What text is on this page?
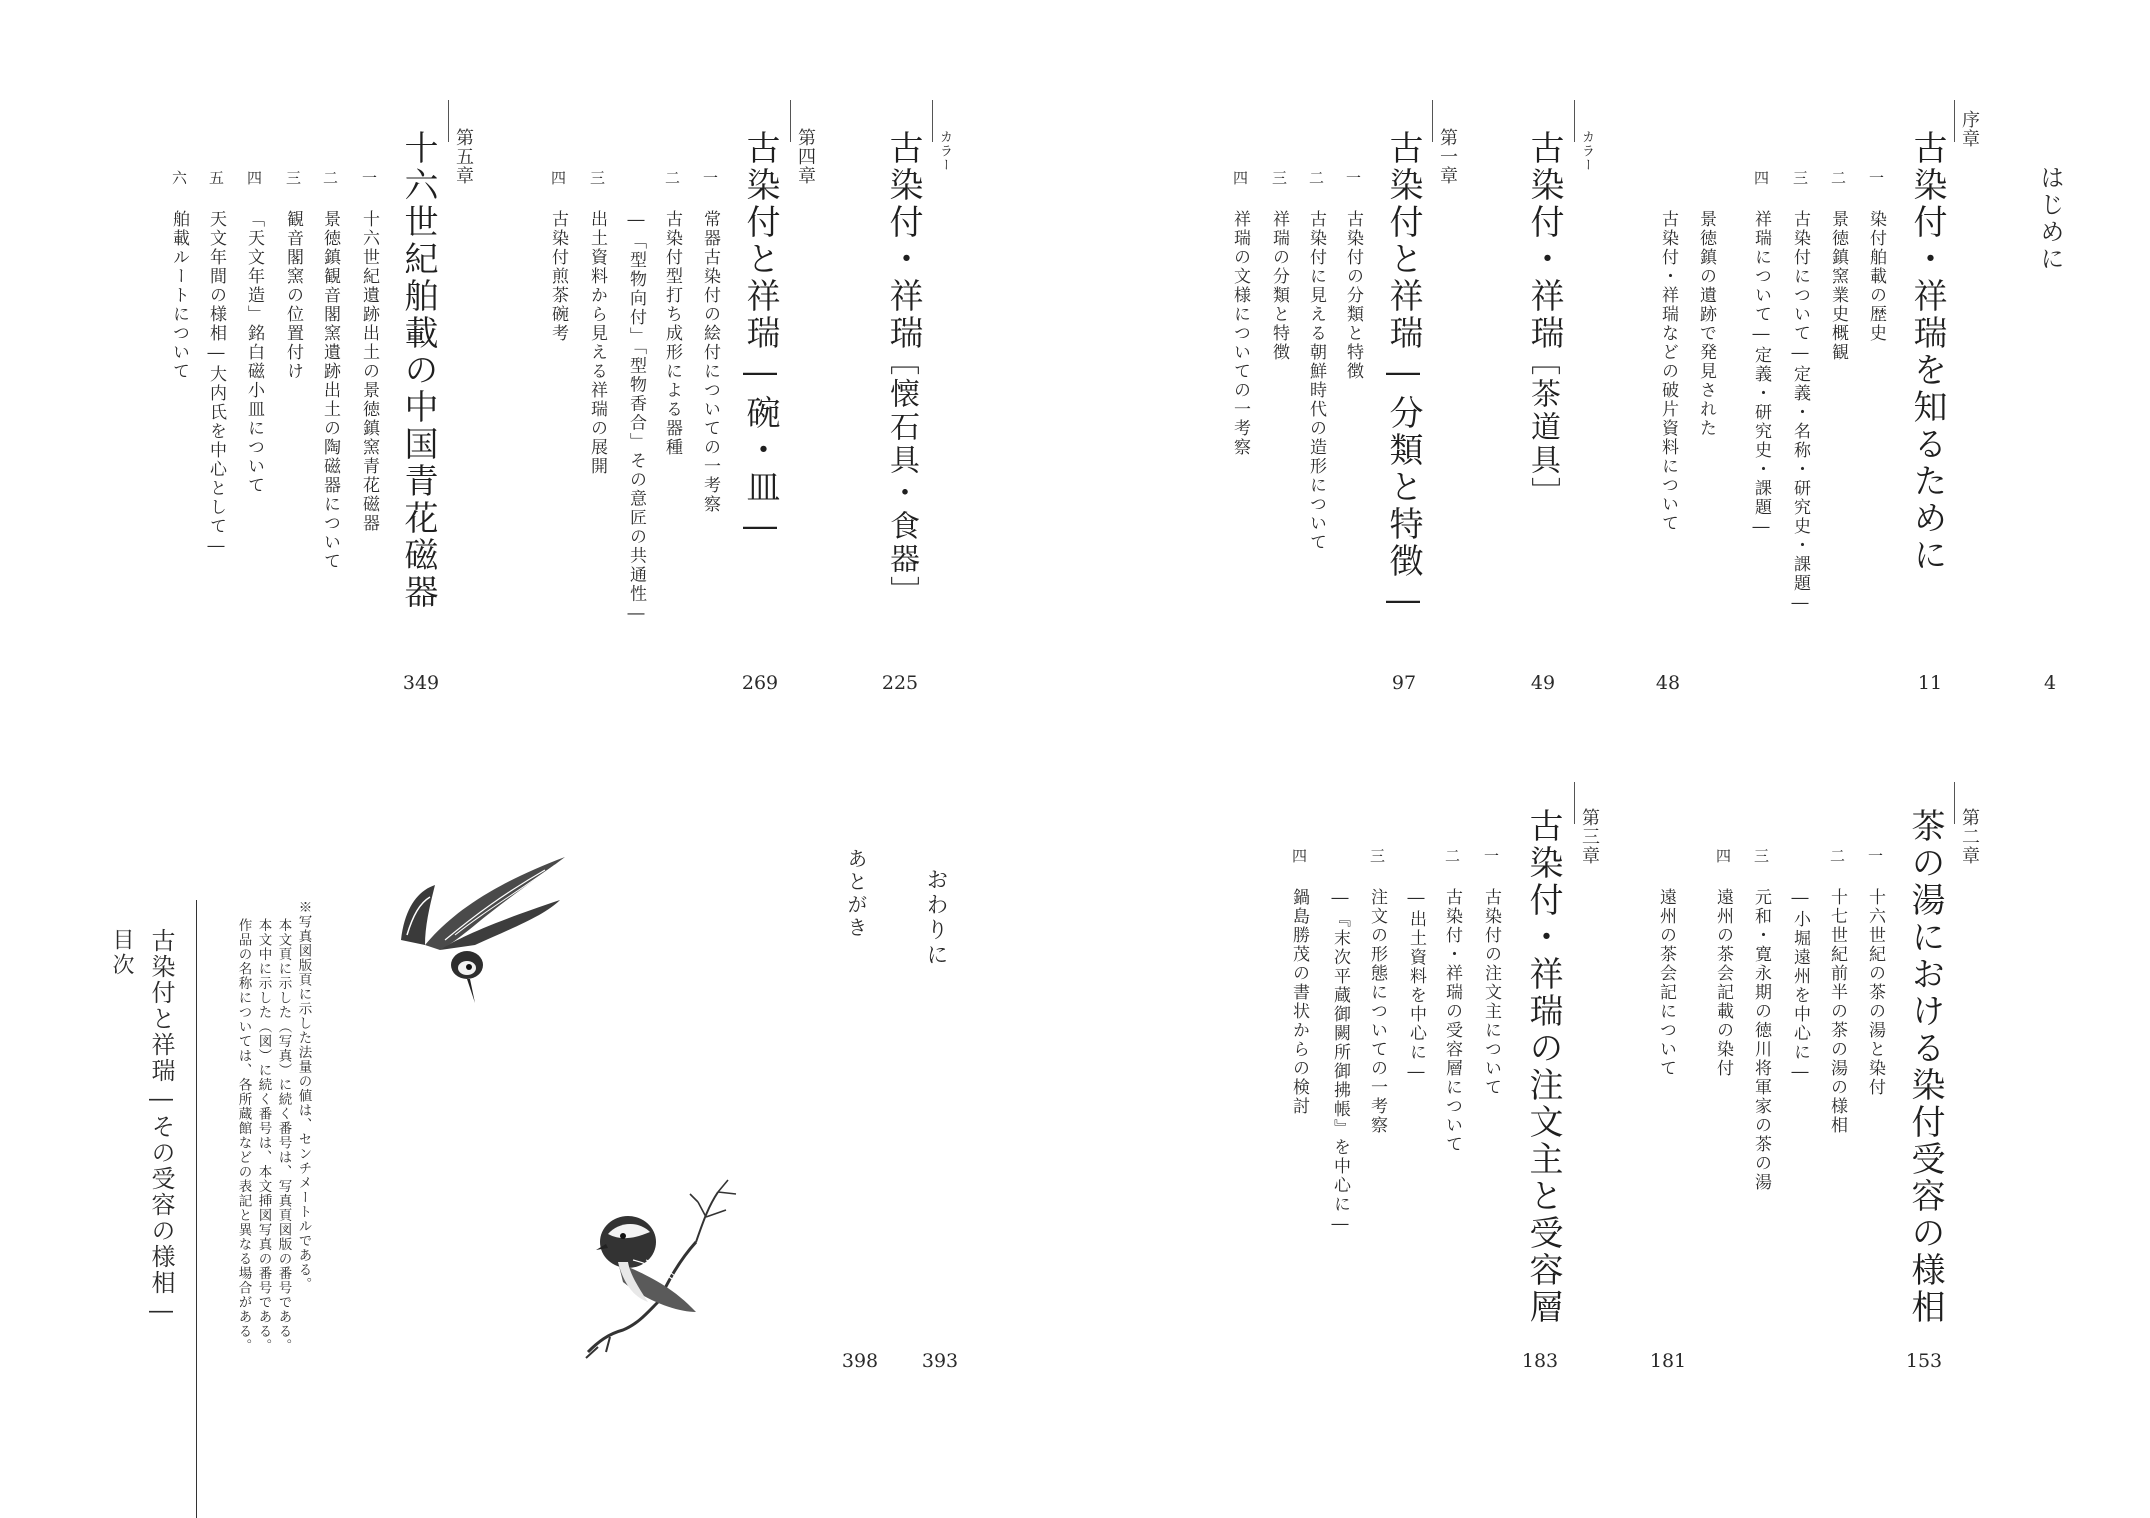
はじめに
4
序章
古染付・祥瑞を知るために
11
一
染付舶載の歴史
二
景徳鎮窯業史概観
三
古染付について―定義・名称・研究史・課題―
四
祥瑞について―定義・研究史・課題―
景徳鎮の遺跡で発見された
古染付・祥瑞などの破片資料について
48
カラー
古染付・祥瑞
［茶道具］
49
第一章
古染付と祥瑞―分類と特徴―
97
一
古染付の分類と特徴
二
古染付に見える朝鮮時代の造形について
三
祥瑞の分類と特徴
四
祥瑞の文様についての一考察
カラー
古染付・祥瑞
［懐石具・食器］
225
第四章
古染付と祥瑞―碗・皿―
269
一
常器古染付の絵付についての一考察
二
古染付型打ち成形による器種
―「型物向付」「型物香合」その意匠の共通性―
三
出土資料から見える祥瑞の展開
四
古染付煎茶碗考
第五章
十六世紀舶載の中国青花磁器
349
一
十六世紀遺跡出土の景徳鎮窯青花磁器
二
景徳鎮観音閣窯遺跡出土の陶磁器について
三
観音閣窯の位置付け
四
「天文年造」銘白磁小皿について
五
天文年間の様相―大内氏を中心として―
六
舶載ルートについて
第二章
茶の湯における染付受容の様相
153
一
十六世紀の茶の湯と染付
二
十七世紀前半の茶の湯の様相
―小堀遠州を中心に―
三
元和・寛永期の徳川将軍家の茶の湯
四
遠州の茶会記載の染付
遠州の茶会記について
181
第三章
古染付・祥瑞の注文主と受容層
183
一
古染付の注文主について
二
古染付・祥瑞の受容層について
―出土資料を中心に―
三
注文の形態についての一考察
―『末次平蔵御闕所御拂帳』を中心に―
四
鍋島勝茂の書状からの検討
おわりに
393
あとがき
398
※写真図版頁に示した法量の値は、センチメートルである。
本文頁に示した（写真）に続く番号は、写真頁図版の番号である。
本文中に示した（図）に続く番号は、本文挿図写真の番号である。
作品の名称については、各所蔵館などの表記と異なる場合がある。
古染付と祥瑞―その受容の様相―
目次
